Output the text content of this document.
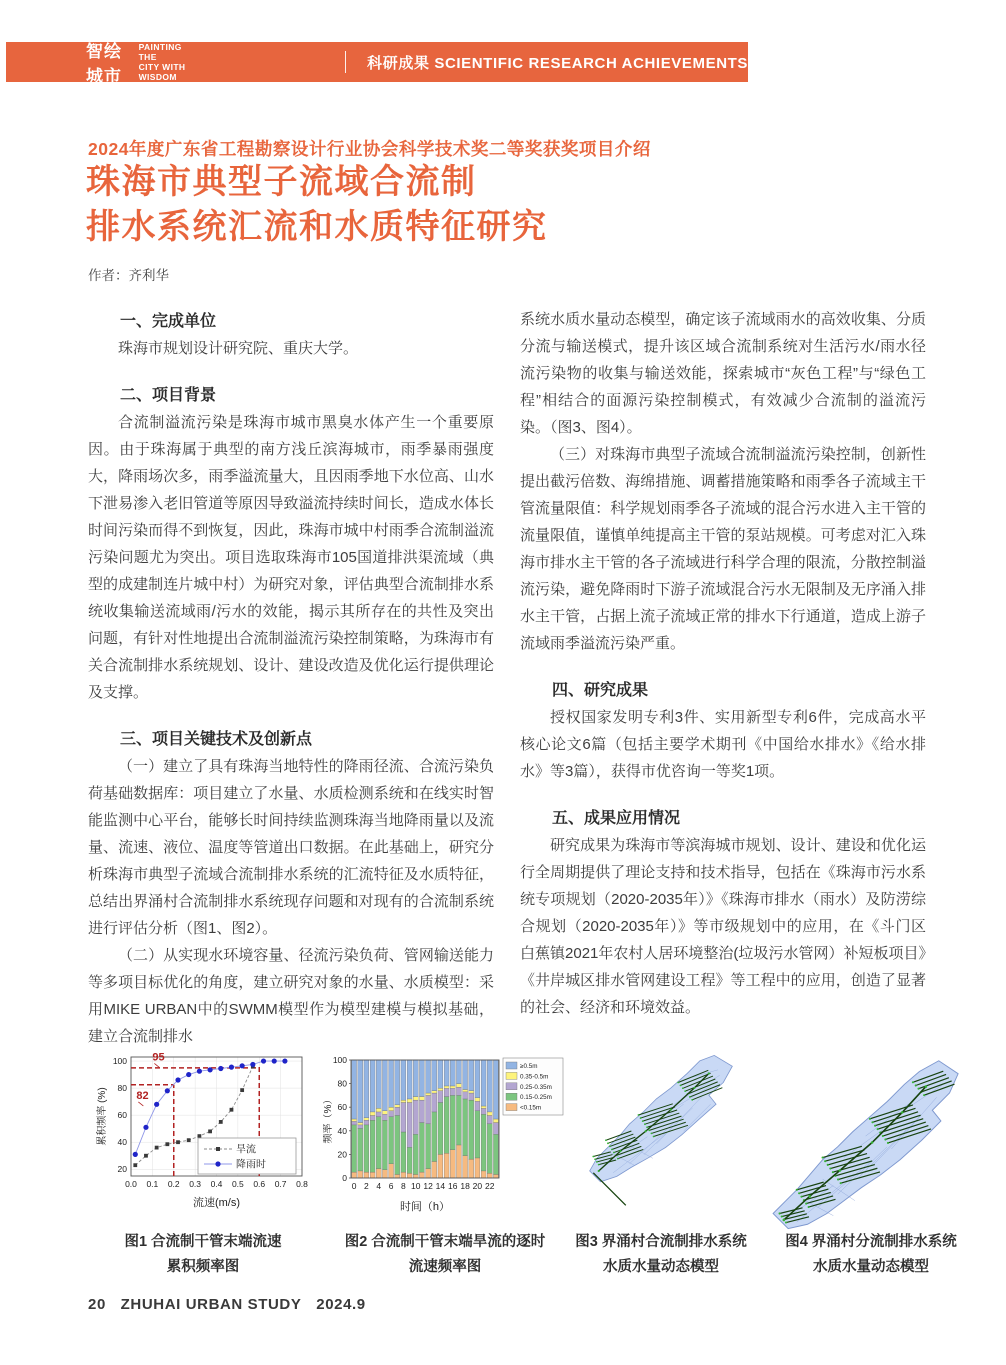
智绘城市
PAINTING THE
CITY WITH WISDOM
科研成果 SCIENTIFIC RESEARCH ACHIEVEMENTS
2024年度广东省工程勘察设计行业协会科学技术奖二等奖获奖项目介绍
珠海市典型子流域合流制
排水系统汇流和水质特征研究
作者：齐利华
一、完成单位

珠海市规划设计研究院、重庆大学。

二、项目背景

合流制溢流污染是珠海市城市黑臭水体产生一个重要原因。由于珠海属于典型的南方浅丘滨海城市，雨季暴雨强度大，降雨场次多，雨季溢流量大，且因雨季地下水位高、山水下泄易渗入老旧管道等原因导致溢流持续时间长，造成水体长时间污染而得不到恢复，因此，珠海市城中村雨季合流制溢流污染问题尤为突出。项目选取珠海市105国道排洪渠流域（典型的成建制连片城中村）为研究对象，评估典型合流制排水系统收集输送流域雨/污水的效能，揭示其所存在的共性及突出问题，有针对性地提出合流制溢流污染控制策略，为珠海市有关合流制排水系统规划、设计、建设改造及优化运行提供理论及支撑。

三、项目关键技术及创新点

（一）建立了具有珠海当地特性的降雨径流、合流污染负荷基础数据库：项目建立了水量、水质检测系统和在线实时智能监测中心平台，能够长时间持续监测珠海当地降雨量以及流量、流速、液位、温度等管道出口数据。在此基础上，研究分析珠海市典型子流域合流制排水系统的汇流特征及水质特征，总结出界涌村合流制排水系统现存问题和对现有的合流制系统进行评估分析（图1、图2）。

（二）从实现水环境容量、径流污染负荷、管网输送能力等多项目标优化的角度，建立研究对象的水量、水质模型：采用MIKE URBAN中的SWMM模型作为模型建模与模拟基础，建立合流制排水

系统水质水量动态模型，确定该子流域雨水的高效收集、分质分流与输送模式，提升该区域合流制系统对生活污水/雨水径流污染物的收集与输送效能，探索城市“灰色工程”与“绿色工程”相结合的面源污染控制模式，有效减少合流制的溢流污染。（图3、图4）。

（三）对珠海市典型子流域合流制溢流污染控制，创新性提出截污倍数、海绵措施、调蓄措施策略和雨季各子流域主干管流量限值：科学规划雨季各子流域的混合污水进入主干管的流量限值，谨慎单纯提高主干管的泵站规模。可考虑对汇入珠海市排水主干管的各子流域进行科学合理的限流，分散控制溢流污染，避免降雨时下游子流域混合污水无限制及无序涌入排水主干管，占据上流子流域正常的排水下行通道，造成上游子流域雨季溢流污染严重。

四、研究成果

授权国家发明专利3件、实用新型专利6件，完成高水平核心论文6篇（包括主要学术期刊《中国给水排水》《给水排水》等3篇），获得市优咨询一等奖1项。

五、成果应用情况

研究成果为珠海市等滨海城市规划、设计、建设和优化运行全周期提供了理论支持和技术指导，包括在《珠海市污水系统专项规划（2020-2035年）》《珠海市排水（雨水）及防涝综合规划（2020-2035年）》等市级规划中的应用，在《斗门区白蕉镇2021年农村人居环境整治(垃圾污水管网）补短板项目》《井岸城区排水管网建设工程》等工程中的应用，创造了显著的社会、经济和环境效益。

95
82
0.0 0.1 0.2 0.3 0.4 0.5 0.6 0.7 0.8
20
40
60
80
100
流速(m/s)
累积频率 (%)
旱流
降雨时
图1 合流制干管末端流速
累积频率图
0
20
40
60
80
100
0 2 4 6 8 10 12 14 16 18 20 22
时间（h）
频率（%）
≥0.5m
0.35-0.5m
0.25-0.35m
0.15-0.25m
<0.15m
图2 合流制干管末端旱流的逐时
流速频率图
图3 界涌村合流制排水系统
水质水量动态模型
图4 界涌村分流制排水系统
水质水量动态模型
20 ZHUHAI URBAN STUDY 2024.9
